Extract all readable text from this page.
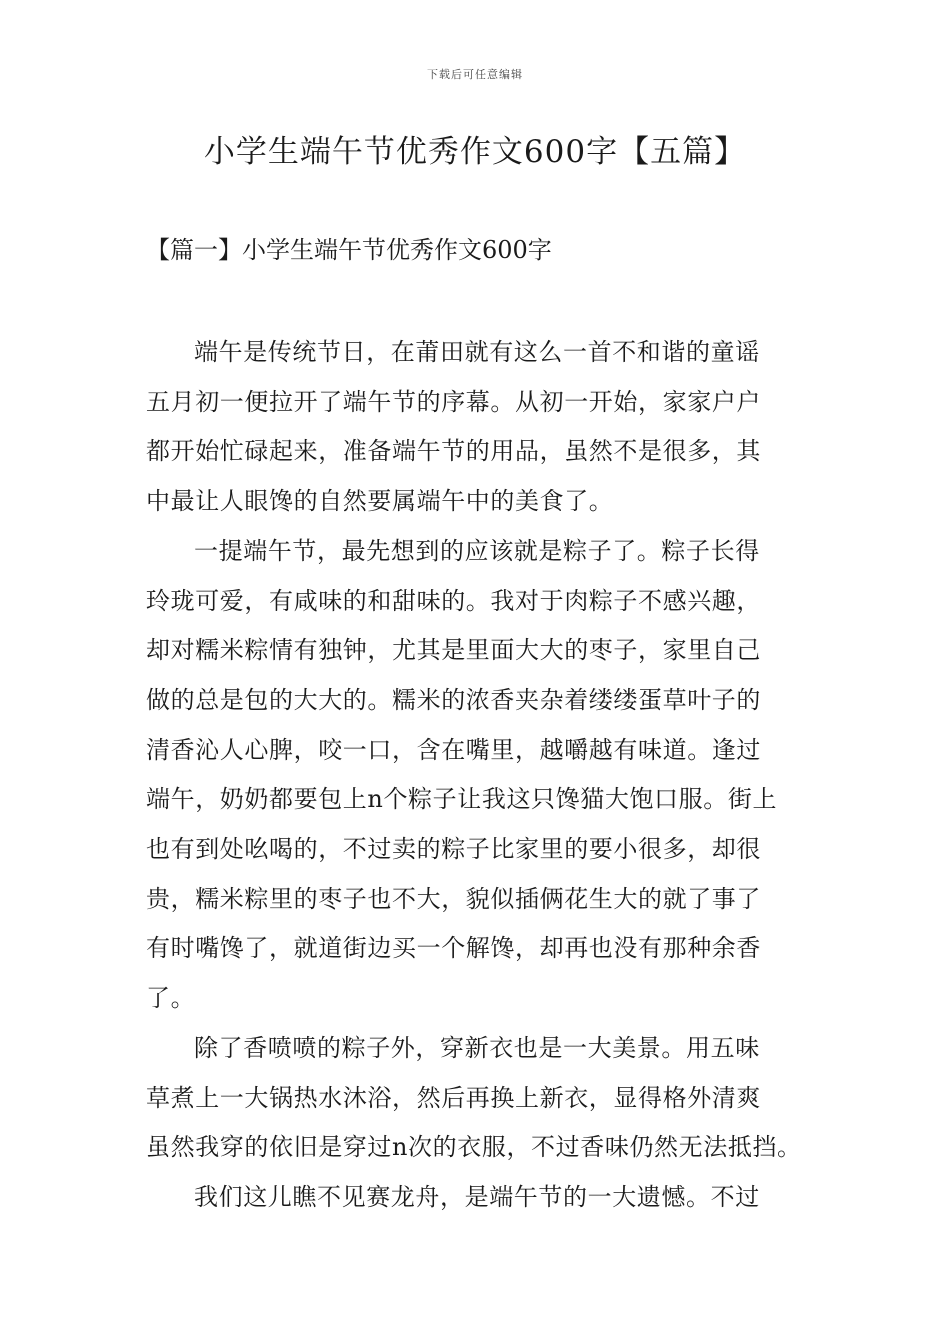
下载后可任意编辑
小学生端午节优秀作文600字【五篇】
【篇一】小学生端午节优秀作文600字

端午是传统节日，在莆田就有这么一首不和谐的童谣
五月初一便拉开了端午节的序幕。从初一开始，家家户户
都开始忙碌起来，准备端午节的用品，虽然不是很多，其
中最让人眼馋的自然要属端午中的美食了。

一提端午节，最先想到的应该就是粽子了。粽子长得
玲珑可爱，有咸味的和甜味的。我对于肉粽子不感兴趣，
却对糯米粽情有独钟，尤其是里面大大的枣子，家里自己
做的总是包的大大的。糯米的浓香夹杂着缕缕蛋草叶子的
清香沁人心脾，咬一口，含在嘴里，越嚼越有味道。逢过
端午，奶奶都要包上n个粽子让我这只馋猫大饱口服。街上
也有到处吆喝的，不过卖的粽子比家里的要小很多，却很
贵，糯米粽里的枣子也不大，貌似插俩花生大的就了事了
有时嘴馋了，就道街边买一个解馋，却再也没有那种余香
了。

除了香喷喷的粽子外，穿新衣也是一大美景。用五味
草煮上一大锅热水沐浴，然后再换上新衣，显得格外清爽
虽然我穿的依旧是穿过n次的衣服，不过香味仍然无法抵挡。

我们这儿瞧不见赛龙舟，是端午节的一大遗憾。不过
